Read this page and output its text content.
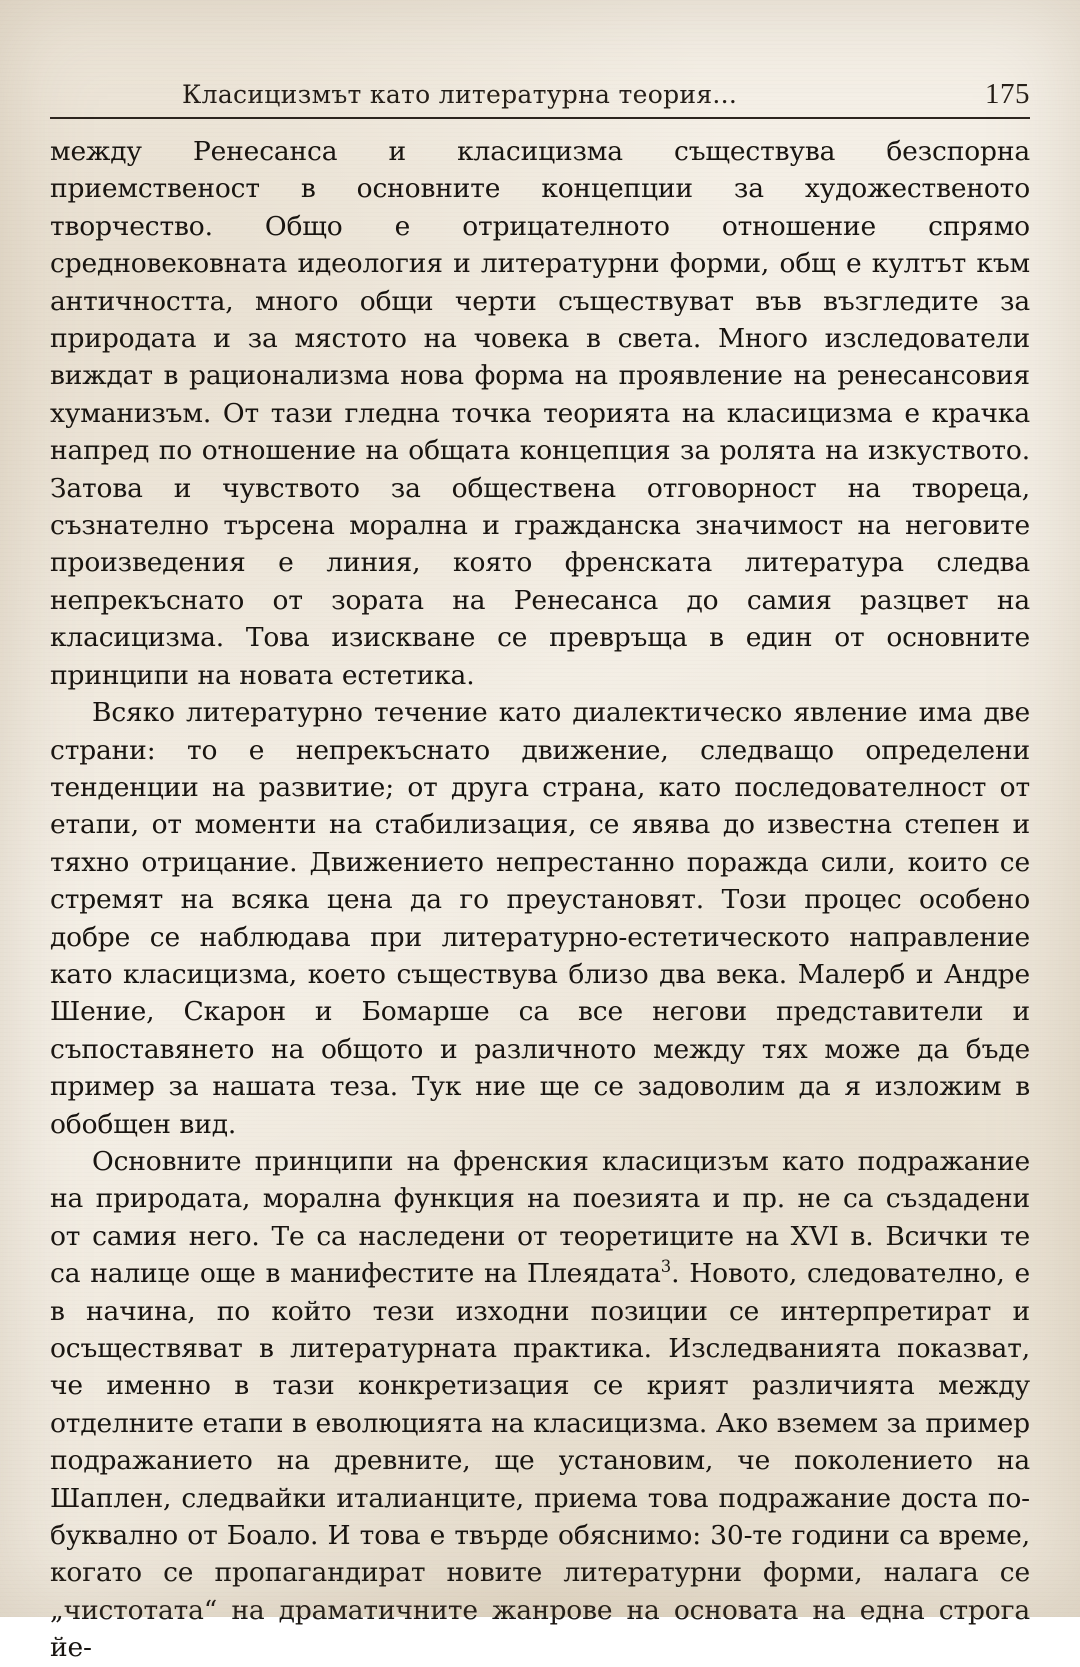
Класицизмът като литературна теория...	175

между Ренесанса и класицизма съществува безспорна приемственост в основните концепции за художественото творчество. Общо е отрицателното отношение спрямо средновековната идеология и литературни форми, общ е култът към античността, много общи черти съществуват във възгледите за природата и за мястото на човека в света. Много изследователи виждат в рационализма нова форма на проявление на ренесансовия хуманизъм. От тази гледна точка теорията на класицизма е крачка напред по отношение на общата концепция за ролята на изкуството. Затова и чувството за обществена отговорност на твореца, съзнателно търсена морална и гражданска значимост на неговите произведения е линия, която френската литература следва непрекъснато от зората на Ренесанса до самия разцвет на класицизма. Това изискване се превръща в един от основните принципи на новата естетика.

Всяко литературно течение като диалектическо явление има две страни: то е непрекъснато движение, следващо определени тенденции на развитие; от друга страна, като последователност от етапи, от моменти на стабилизация, се явява до известна степен и тяхно отрицание. Движението непрестанно поражда сили, които се стремят на всяка цена да го преустановят. Този процес особено добре се наблюдава при литературно-естетическото направление като класицизма, което съществува близо два века. Малерб и Андре Шение, Скарон и Бомарше са все негови представители и съпоставянето на общото и различното между тях може да бъде пример за нашата теза. Тук ние ще се задоволим да я изложим в обобщен вид.

Основните принципи на френския класицизъм като подражание на природата, морална функция на поезията и пр. не са създадени от самия него. Те са наследени от теоретиците на XVI в. Всички те са налице още в манифестите на Плеядата$^3$. Новото, следователно, е в начина, по който тези изходни позиции се интерпретират и осъществяват в литературната практика. Изследванията показват, че именно в тази конкретизация се крият различията между отделните етапи в еволюцията на класицизма. Ако вземем за пример подражанието на древните, ще установим, че поколението на Шаплен, следвайки италианците, приема това подражание доста по-буквално от Боало. И това е твърде обяснимо: 30-те години са време, когато се пропагандират новите литературни форми, налага се „чистотата“ на драматичните жанрове на основата на една строга йе-
